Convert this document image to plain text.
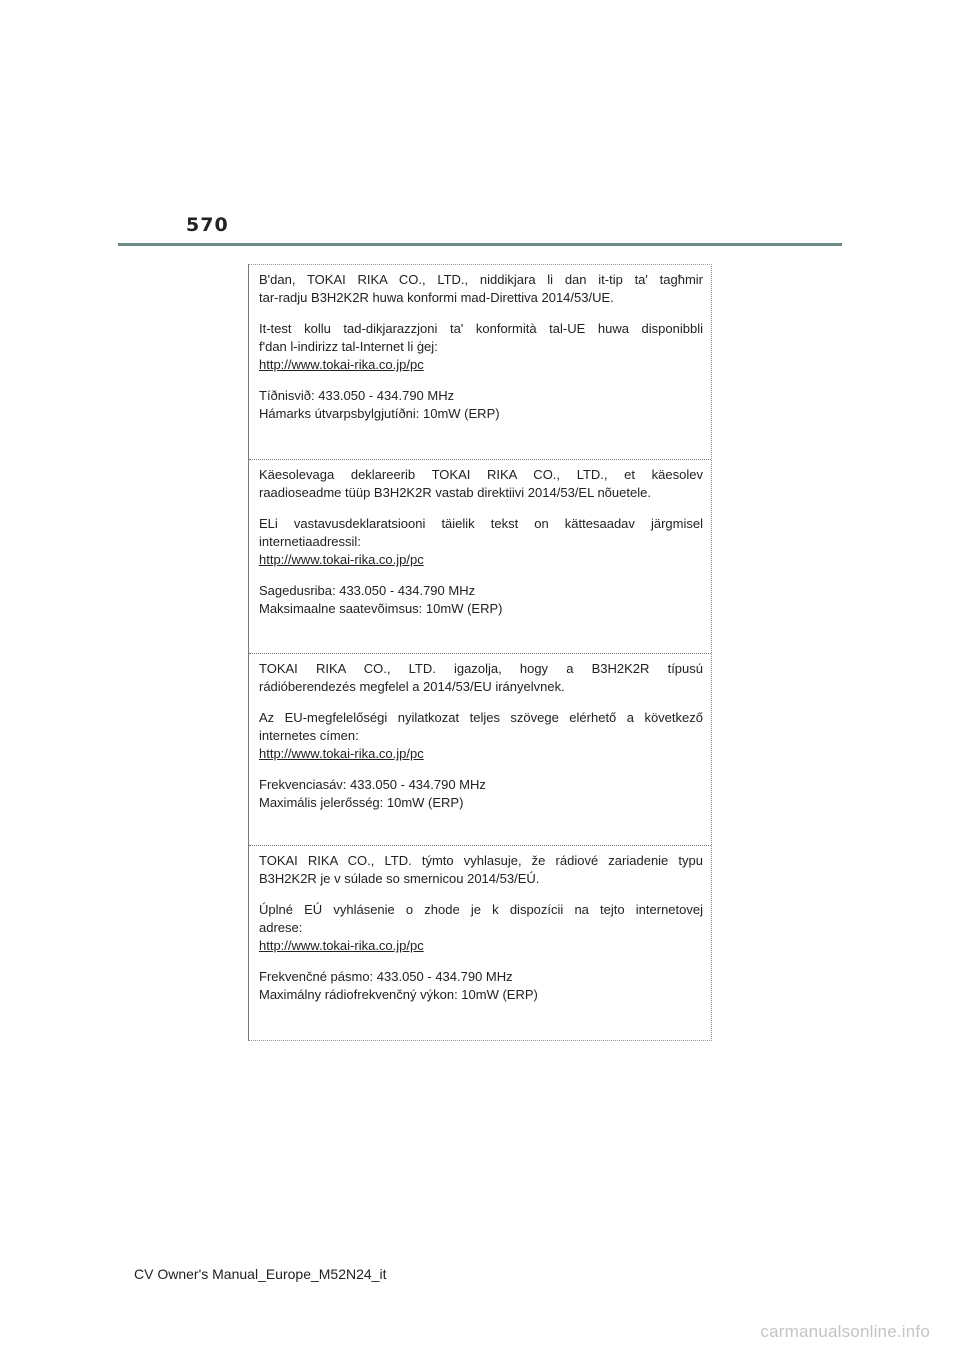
570
B'dan, TOKAI RIKA CO., LTD., niddikjara li dan it-tip ta' tagħmir
tar-radju B3H2K2R huwa konformi mad-Direttiva 2014/53/UE.
It-test kollu tad-dikjarazzjoni ta' konformità tal-UE huwa disponibbli
f'dan l-indirizz tal-Internet li ġej:
http://www.tokai-rika.co.jp/pc
Tíðnisvið: 433.050 - 434.790 MHz
Hámarks útvarpsbylgjutíðni: 10mW (ERP)
Käesolevaga deklareerib TOKAI RIKA CO., LTD., et käesolev
raadioseadme tüüp B3H2K2R vastab direktiivi 2014/53/EL nõuetele.
ELi vastavusdeklaratsiooni täielik tekst on kättesaadav järgmisel
internetiaadressil:
http://www.tokai-rika.co.jp/pc
Sagedusriba: 433.050 - 434.790 MHz
Maksimaalne saatevõimsus: 10mW (ERP)
TOKAI RIKA CO., LTD. igazolja, hogy a B3H2K2R típusú
rádióberendezés megfelel a 2014/53/EU irányelvnek.
Az EU-megfelelőségi nyilatkozat teljes szövege elérhető a következő
internetes címen:
http://www.tokai-rika.co.jp/pc
Frekvenciasáv: 433.050 - 434.790 MHz
Maximális jelerősség: 10mW (ERP)
TOKAI RIKA CO., LTD. týmto vyhlasuje, že rádiové zariadenie typu
B3H2K2R je v súlade so smernicou 2014/53/EÚ.
Úplné EÚ vyhlásenie o zhode je k dispozícii na tejto internetovej
adrese:
http://www.tokai-rika.co.jp/pc
Frekvenčné pásmo: 433.050 - 434.790 MHz
Maximálny rádiofrekvenčný výkon: 10mW (ERP)
CV Owner's Manual_Europe_M52N24_it
carmanualsonline.info
